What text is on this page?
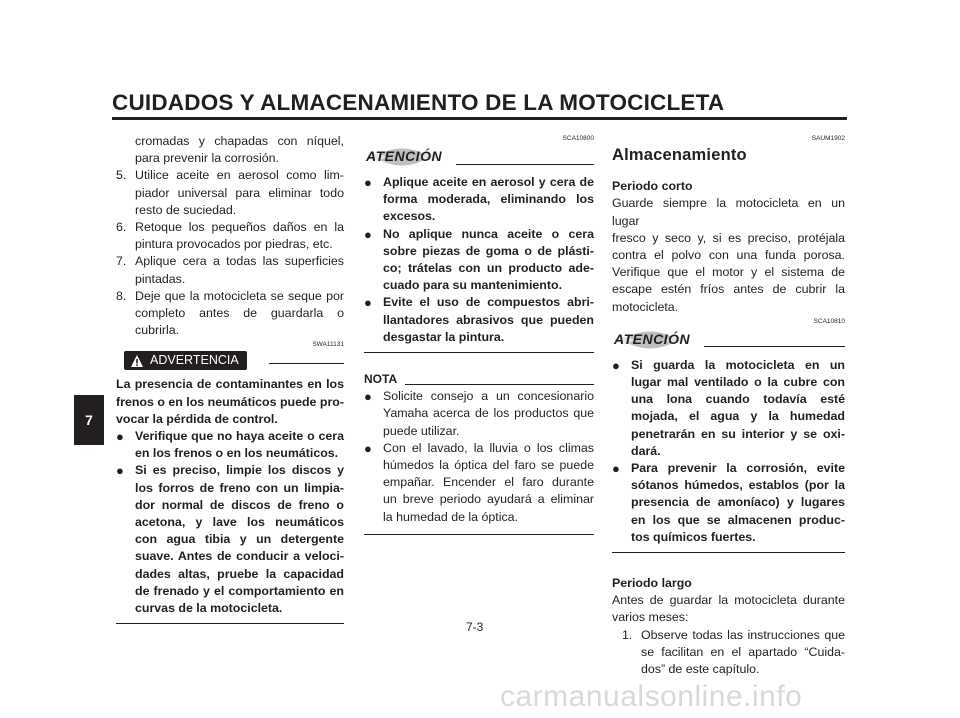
CUIDADOS Y ALMACENAMIENTO DE LA MOTOCICLETA
7
cromadas y chapadas con níquel,
para prevenir la corrosión.
5. Utilice aceite en aerosol como lim-
piador universal para eliminar todo
resto de suciedad.
6. Retoque los pequeños daños en la
pintura provocados por piedras, etc.
7. Aplique cera a todas las superficies
pintadas.
8. Deje que la motocicleta se seque por
completo antes de guardarla o
cubrirla.
SWA11131
ADVERTENCIA
La presencia de contaminantes en los
frenos o en los neumáticos puede pro-
vocar la pérdida de control.
● Verifique que no haya aceite o cera
en los frenos o en los neumáticos.
● Si es preciso, limpie los discos y
los forros de freno con un limpia-
dor normal de discos de freno o
acetona, y lave los neumáticos
con agua tibia y un detergente
suave. Antes de conducir a veloci-
dades altas, pruebe la capacidad
de frenado y el comportamiento en
curvas de la motocicleta.
SCA10800
ATENCIÓN
● Aplique aceite en aerosol y cera de
forma moderada, eliminando los
excesos.
● No aplique nunca aceite o cera
sobre piezas de goma o de plásti-
co; trátelas con un producto ade-
cuado para su mantenimiento.
● Evite el uso de compuestos abri-
llantadores abrasivos que pueden
desgastar la pintura.
NOTA
● Solicite consejo a un concesionario
Yamaha acerca de los productos que
puede utilizar.
● Con el lavado, la lluvia o los climas
húmedos la óptica del faro se puede
empañar. Encender el faro durante
un breve periodo ayudará a eliminar
la humedad de la óptica.
SAUM1902
Almacenamiento
Periodo corto
Guarde siempre la motocicleta en un lugar
fresco y seco y, si es preciso, protéjala
contra el polvo con una funda porosa.
Verifique que el motor y el sistema de
escape estén fríos antes de cubrir la
motocicleta.
SCA10810
ATENCIÓN
● Si guarda la motocicleta en un
lugar mal ventilado o la cubre con
una lona cuando todavía esté
mojada, el agua y la humedad
penetrarán en su interior y se oxi-
dará.
● Para prevenir la corrosión, evite
sótanos húmedos, establos (por la
presencia de amoníaco) y lugares
en los que se almacenen produc-
tos químicos fuertes.
Periodo largo
Antes de guardar la motocicleta durante
varios meses:
1. Observe todas las instrucciones que
se facilitan en el apartado “Cuida-
dos” de este capítulo.
7-3
carmanualsonline.info
